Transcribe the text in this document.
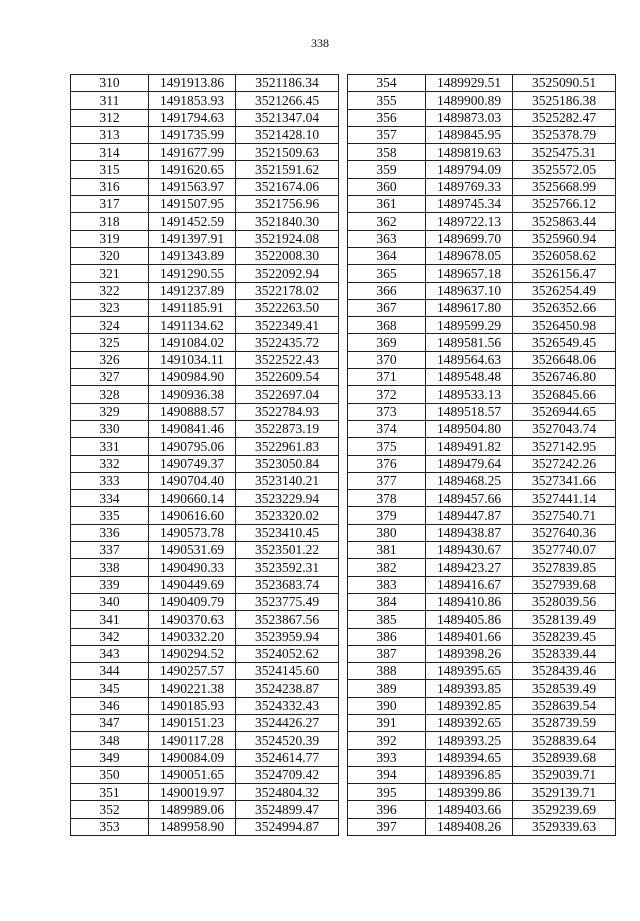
338
310	1491913.86	3521186.34
311	1491853.93	3521266.45
312	1491794.63	3521347.04
313	1491735.99	3521428.10
314	1491677.99	3521509.63
315	1491620.65	3521591.62
316	1491563.97	3521674.06
317	1491507.95	3521756.96
318	1491452.59	3521840.30
319	1491397.91	3521924.08
320	1491343.89	3522008.30
321	1491290.55	3522092.94
322	1491237.89	3522178.02
323	1491185.91	3522263.50
324	1491134.62	3522349.41
325	1491084.02	3522435.72
326	1491034.11	3522522.43
327	1490984.90	3522609.54
328	1490936.38	3522697.04
329	1490888.57	3522784.93
330	1490841.46	3522873.19
331	1490795.06	3522961.83
332	1490749.37	3523050.84
333	1490704.40	3523140.21
334	1490660.14	3523229.94
335	1490616.60	3523320.02
336	1490573.78	3523410.45
337	1490531.69	3523501.22
338	1490490.33	3523592.31
339	1490449.69	3523683.74
340	1490409.79	3523775.49
341	1490370.63	3523867.56
342	1490332.20	3523959.94
343	1490294.52	3524052.62
344	1490257.57	3524145.60
345	1490221.38	3524238.87
346	1490185.93	3524332.43
347	1490151.23	3524426.27
348	1490117.28	3524520.39
349	1490084.09	3524614.77
350	1490051.65	3524709.42
351	1490019.97	3524804.32
352	1489989.06	3524899.47
353	1489958.90	3524994.87
354	1489929.51	3525090.51
355	1489900.89	3525186.38
356	1489873.03	3525282.47
357	1489845.95	3525378.79
358	1489819.63	3525475.31
359	1489794.09	3525572.05
360	1489769.33	3525668.99
361	1489745.34	3525766.12
362	1489722.13	3525863.44
363	1489699.70	3525960.94
364	1489678.05	3526058.62
365	1489657.18	3526156.47
366	1489637.10	3526254.49
367	1489617.80	3526352.66
368	1489599.29	3526450.98
369	1489581.56	3526549.45
370	1489564.63	3526648.06
371	1489548.48	3526746.80
372	1489533.13	3526845.66
373	1489518.57	3526944.65
374	1489504.80	3527043.74
375	1489491.82	3527142.95
376	1489479.64	3527242.26
377	1489468.25	3527341.66
378	1489457.66	3527441.14
379	1489447.87	3527540.71
380	1489438.87	3527640.36
381	1489430.67	3527740.07
382	1489423.27	3527839.85
383	1489416.67	3527939.68
384	1489410.86	3528039.56
385	1489405.86	3528139.49
386	1489401.66	3528239.45
387	1489398.26	3528339.44
388	1489395.65	3528439.46
389	1489393.85	3528539.49
390	1489392.85	3528639.54
391	1489392.65	3528739.59
392	1489393.25	3528839.64
393	1489394.65	3528939.68
394	1489396.85	3529039.71
395	1489399.86	3529139.71
396	1489403.66	3529239.69
397	1489408.26	3529339.63
